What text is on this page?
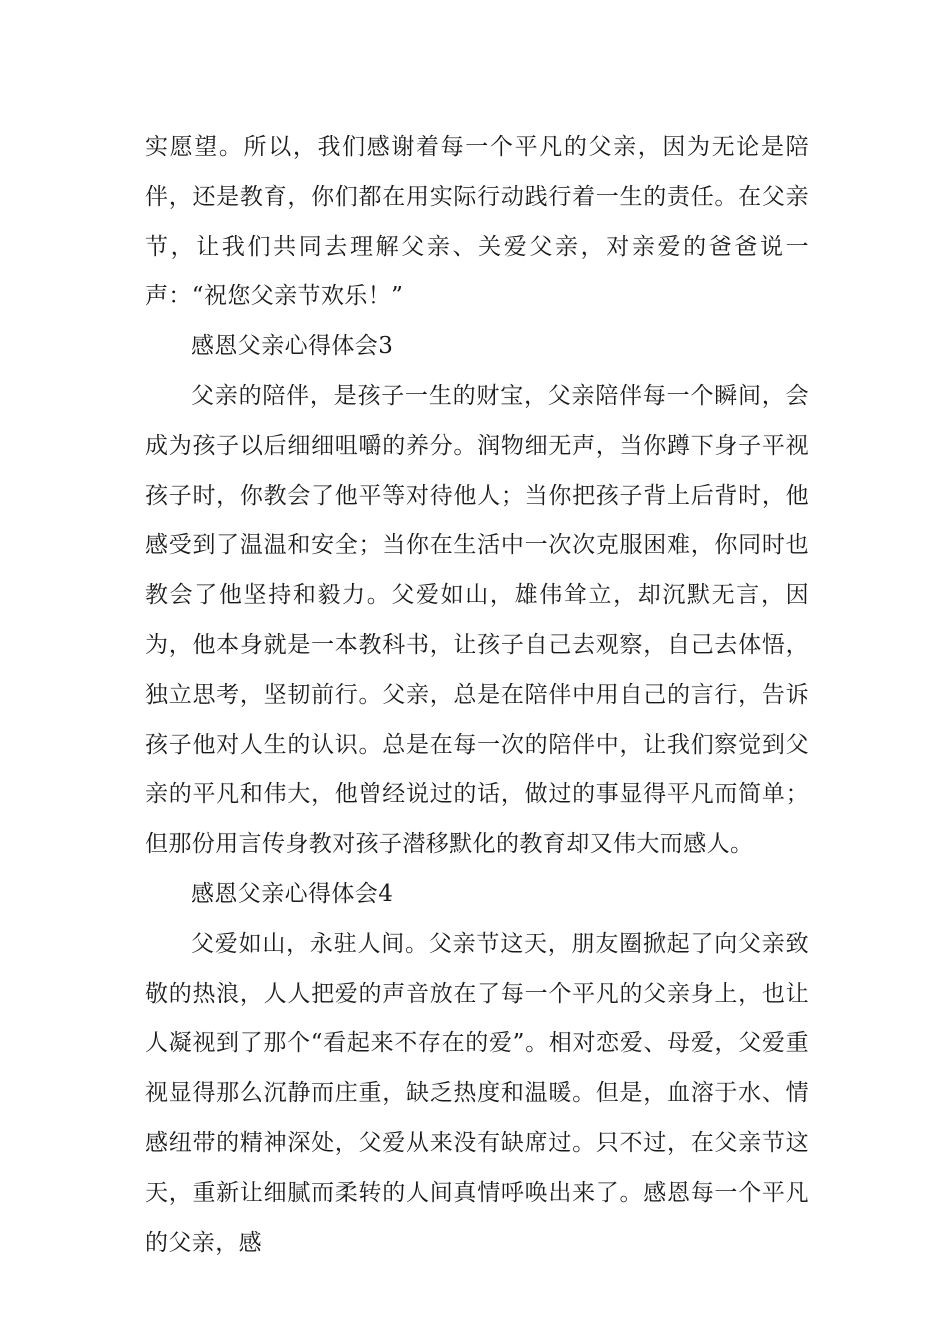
实愿望。所以，我们感谢着每一个平凡的父亲，因为无论是陪伴，还是教育，你们都在用实际行动践行着一生的责任。在父亲节，让我们共同去理解父亲、关爱父亲，对亲爱的爸爸说一声：“祝您父亲节欢乐！”

感恩父亲心得体会3

父亲的陪伴，是孩子一生的财宝，父亲陪伴每一个瞬间，会成为孩子以后细细咀嚼的养分。润物细无声，当你蹲下身子平视孩子时，你教会了他平等对待他人；当你把孩子背上后背时，他感受到了温温和安全；当你在生活中一次次克服困难，你同时也教会了他坚持和毅力。父爱如山，雄伟耸立，却沉默无言，因为，他本身就是一本教科书，让孩子自己去观察，自己去体悟，独立思考，坚韧前行。父亲，总是在陪伴中用自己的言行，告诉孩子他对人生的认识。总是在每一次的陪伴中，让我们察觉到父亲的平凡和伟大，他曾经说过的话，做过的事显得平凡而简单；但那份用言传身教对孩子潜移默化的教育却又伟大而感人。

感恩父亲心得体会4

父爱如山，永驻人间。父亲节这天，朋友圈掀起了向父亲致敬的热浪，人人把爱的声音放在了每一个平凡的父亲身上，也让人凝视到了那个“看起来不存在的爱”。相对恋爱、母爱，父爱重视显得那么沉静而庄重，缺乏热度和温暖。但是，血溶于水、情感纽带的精神深处，父爱从来没有缺席过。只不过，在父亲节这天，重新让细腻而柔转的人间真情呼唤出来了。感恩每一个平凡的父亲，感
